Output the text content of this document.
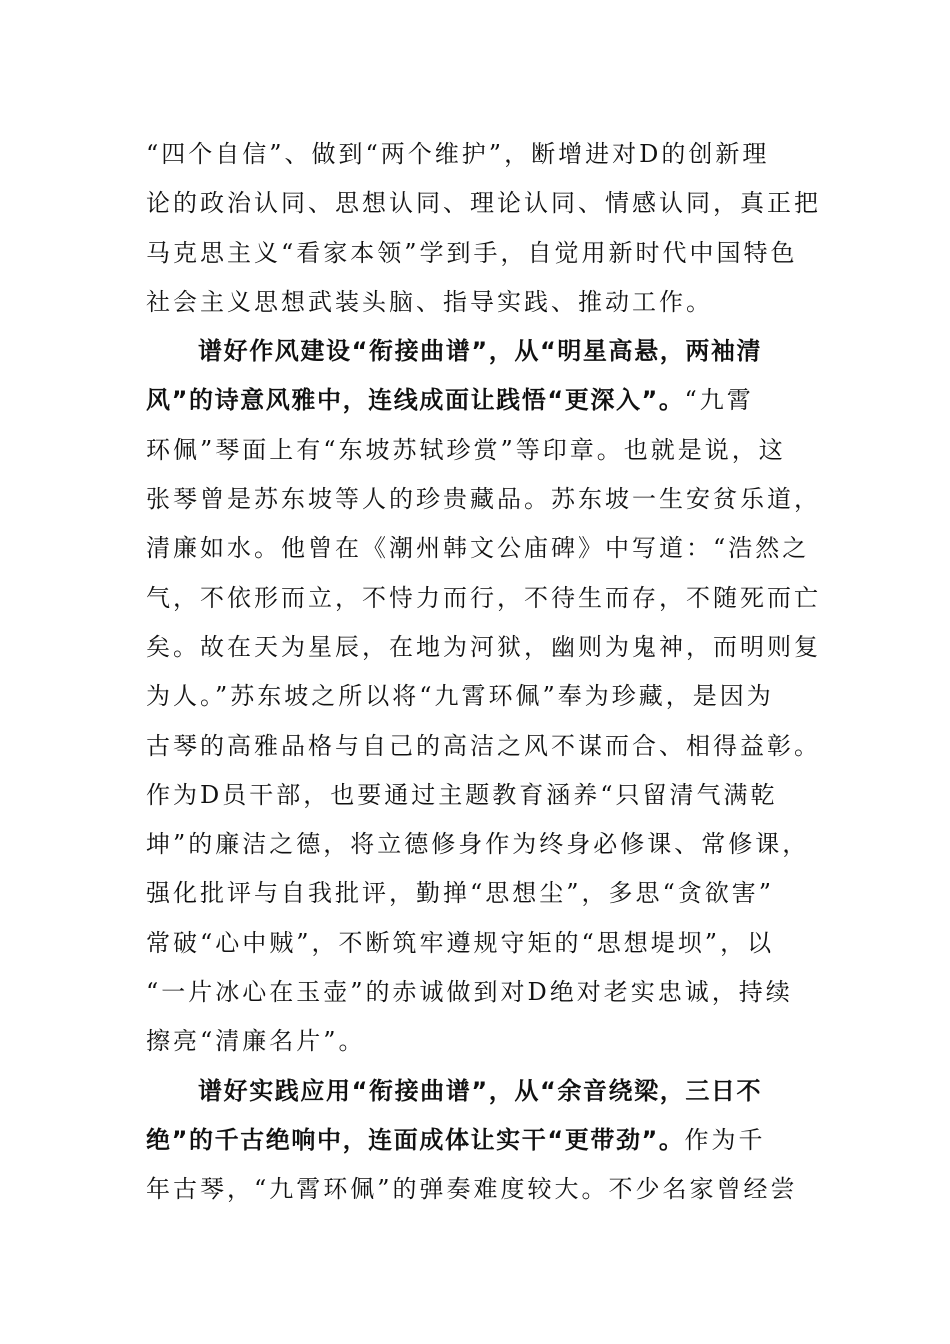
“四个自信”、做到“两个维护”，断增进对D的创新理
论的政治认同、思想认同、理论认同、情感认同，真正把
马克思主义“看家本领”学到手，自觉用新时代中国特色
社会主义思想武装头脑、指导实践、推动工作。
谱好作风建设“衔接曲谱”，从“明星高悬，两袖清
风”的诗意风雅中，连线成面让践悟“更深入”。“九霄
环佩”琴面上有“东坡苏轼珍赏”等印章。也就是说，这
张琴曾是苏东坡等人的珍贵藏品。苏东坡一生安贫乐道，
清廉如水。他曾在《潮州韩文公庙碑》中写道：“浩然之
气，不依形而立，不恃力而行，不待生而存，不随死而亡
矣。故在天为星辰，在地为河狱，幽则为鬼神，而明则复
为人。”苏东坡之所以将“九霄环佩”奉为珍藏，是因为
古琴的高雅品格与自己的高洁之风不谋而合、相得益彰。
作为D员干部，也要通过主题教育涵养“只留清气满乾
坤”的廉洁之德，将立德修身作为终身必修课、常修课，
强化批评与自我批评，勤掸“思想尘”，多思“贪欲害”
常破“心中贼”，不断筑牢遵规守矩的“思想堤坝”，以
“一片冰心在玉壶”的赤诚做到对D绝对老实忠诚，持续
擦亮“清廉名片”。
谱好实践应用“衔接曲谱”，从“余音绕梁，三日不
绝”的千古绝响中，连面成体让实干“更带劲”。作为千
年古琴，“九霄环佩”的弹奏难度较大。不少名家曾经尝
